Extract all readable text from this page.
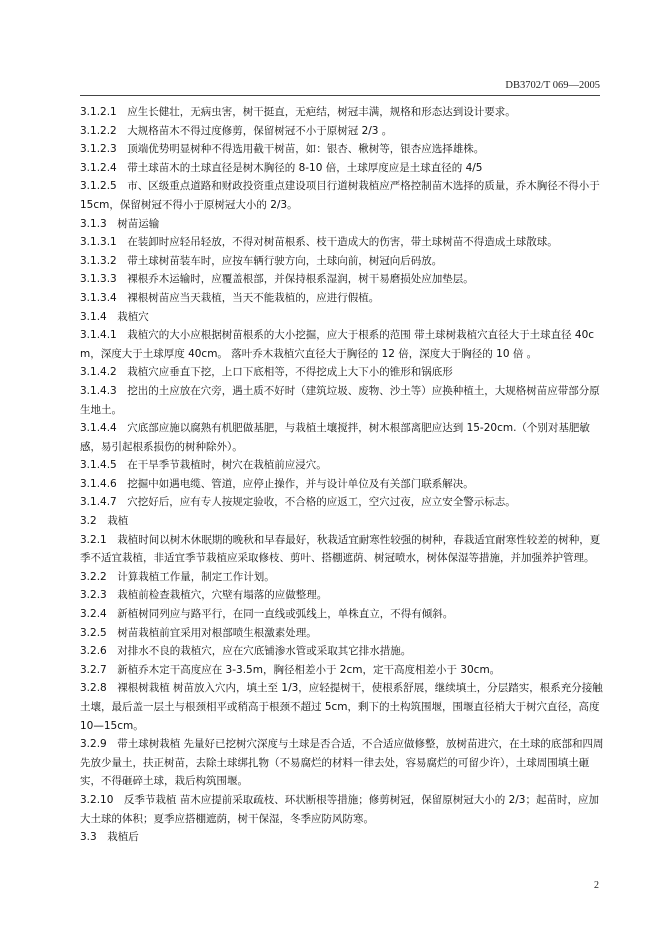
DB3702/T 069—2005

3.1.2.1　应生长健壮，无病虫害，树干挺直，无疤结，树冠丰满，规格和形态达到设计要求。

3.1.2.2　大规格苗木不得过度修剪，保留树冠不小于原树冠 2/3 。

3.1.2.3　顶端优势明显树种不得选用截干树苗，如：银杏、楸树等，银杏应选择雄株。

3.1.2.4　带土球苗木的土球直径是树木胸径的 8-10 倍，土球厚度应是土球直径的 4/5

3.1.2.5　市、区级重点道路和财政投资重点建设项目行道树栽植应严格控制苗木选择的质量，乔木胸径不得小于 15cm，保留树冠不得小于原树冠大小的 2/3。

3.1.3　树苗运输

3.1.3.1　在装卸时应轻吊轻放，不得对树苗根系、枝干造成大的伤害，带土球树苗不得造成土球散球。

3.1.3.2　带土球树苗装车时，应按车辆行驶方向，土球向前，树冠向后码放。

3.1.3.3　裸根乔木运输时，应覆盖根部，并保持根系湿润，树干易磨损处应加垫层。

3.1.3.4　裸根树苗应当天栽植，当天不能栽植的，应进行假植。

3.1.4　栽植穴

3.1.4.1　栽植穴的大小应根据树苗根系的大小挖掘，应大于根系的范围 带土球树栽植穴直径大于土球直径 40cm，深度大于土球厚度 40cm。 落叶乔木栽植穴直径大于胸径的 12 倍，深度大于胸径的 10 倍 。

3.1.4.2　栽植穴应垂直下挖，上口下底相等，不得挖成上大下小的锥形和锅底形

3.1.4.3　挖出的土应放在穴旁，遇土质不好时（建筑垃圾、废物、沙土等）应换种植土，大规格树苗应带部分原生地土。

3.1.4.4　穴底部应施以腐熟有机肥做基肥，与栽植土壤搅拌，树木根部离肥应达到 15-20cm.（个别对基肥敏感，易引起根系损伤的树种除外）。

3.1.4.5　在干旱季节栽植时，树穴在栽植前应浸穴。

3.1.4.6　挖掘中如遇电缆、管道，应停止操作，并与设计单位及有关部门联系解决。

3.1.4.7　穴挖好后，应有专人按规定验收，不合格的应返工，空穴过夜，应立安全警示标志。

3.2　栽植

3.2.1　栽植时间以树木休眠期的晚秋和早春最好，秋栽适宜耐寒性较强的树种，春栽适宜耐寒性较差的树种，夏季不适宜栽植，非适宜季节栽植应采取修枝、剪叶、搭棚遮荫、树冠喷水，树体保湿等措施，并加强养护管理。

3.2.2　计算栽植工作量，制定工作计划。

3.2.3　栽植前检查栽植穴，穴壁有塌落的应做整理。

3.2.4　新植树同列应与路平行，在同一直线或弧线上，单株直立，不得有倾斜。

3.2.5　树苗栽植前宜采用对根部喷生根激素处理。

3.2.6　对排水不良的栽植穴，应在穴底铺渗水管或采取其它排水措施。

3.2.7　新植乔木定干高度应在 3-3.5m，胸径相差小于 2cm，定干高度相差小于 30cm。

3.2.8　裸根树栽植 树苗放入穴内，填土至 1/3，应轻提树干，使根系舒展，继续填土，分层踏实，根系充分接触土壤，最后盖一层土与根颈相平或稍高于根颈不超过 5cm，剩下的土构筑围堰，围堰直径梢大于树穴直径，高度 10—15cm。

3.2.9　带土球树栽植 先量好已挖树穴深度与土球是否合适，不合适应做修整，放树苗进穴，在土球的底部和四周先放少量土，扶正树苗，去除土球绑扎物（不易腐烂的材料一律去处，容易腐烂的可留少许），土球周围填土砸实，不得砸碎土球，栽后构筑围堰。

3.2.10　反季节栽植 苗木应提前采取疏枝、环状断根等措施；修剪树冠，保留原树冠大小的 2/3；起苗时，应加大土球的体积；夏季应搭棚遮荫，树干保湿，冬季应防风防寒。

3.3　栽植后

2
